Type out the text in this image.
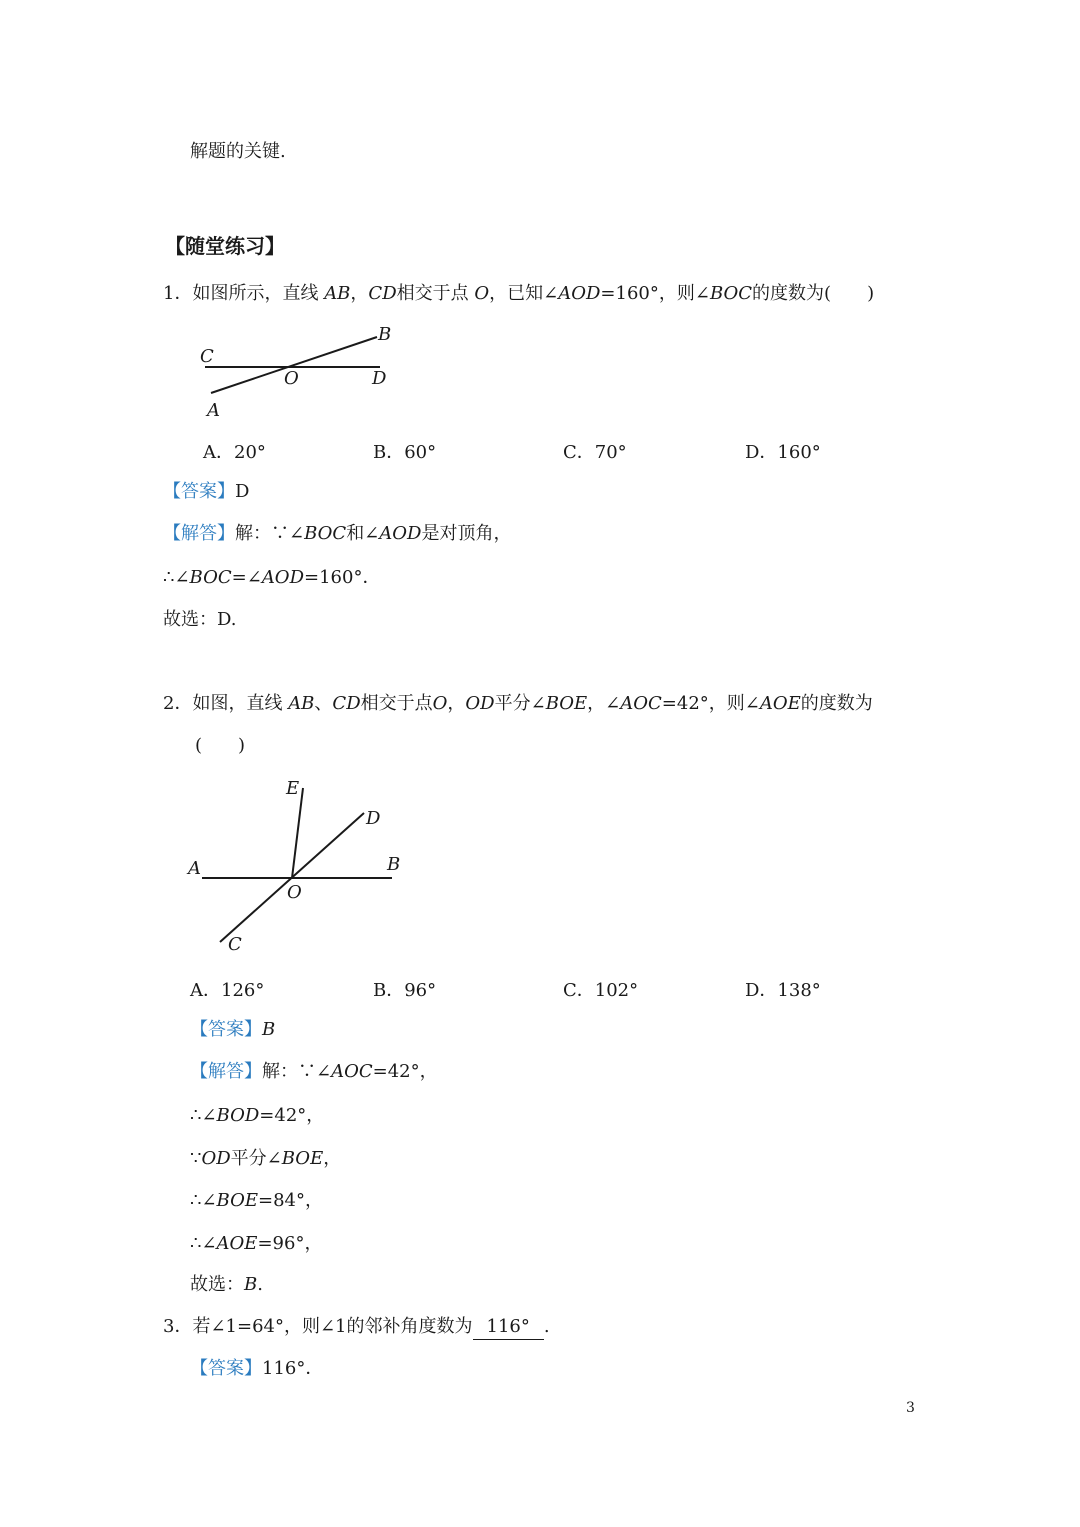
解题的关键.
【随堂练习】
1．如图所示，直线 AB，CD相交于点 O，已知∠AOD=160°，则∠BOC的度数为(　　)
C
B
O	D
A
A．20°	B．60°	C．70°	D．160°
【答案】D
【解答】解：∵∠BOC和∠AOD是对顶角，
∴∠BOC=∠AOD=160°．
故选：D.
2．如图，直线 AB、CD相交于点O，OD平分∠BOE，∠AOC=42°，则∠AOE的度数为
(　　)
E
D
A	B
O
C
A．126°	B．96°	C．102°	D．138°
【答案】B
【解答】解：∵∠AOC=42°，
∴∠BOD=42°，
∵OD平分∠BOE，
∴∠BOE=84°，
∴∠AOE=96°，
故选：B.
3．若∠1=64°，则∠1的邻补角度数为 116° .
【答案】116°．
3
